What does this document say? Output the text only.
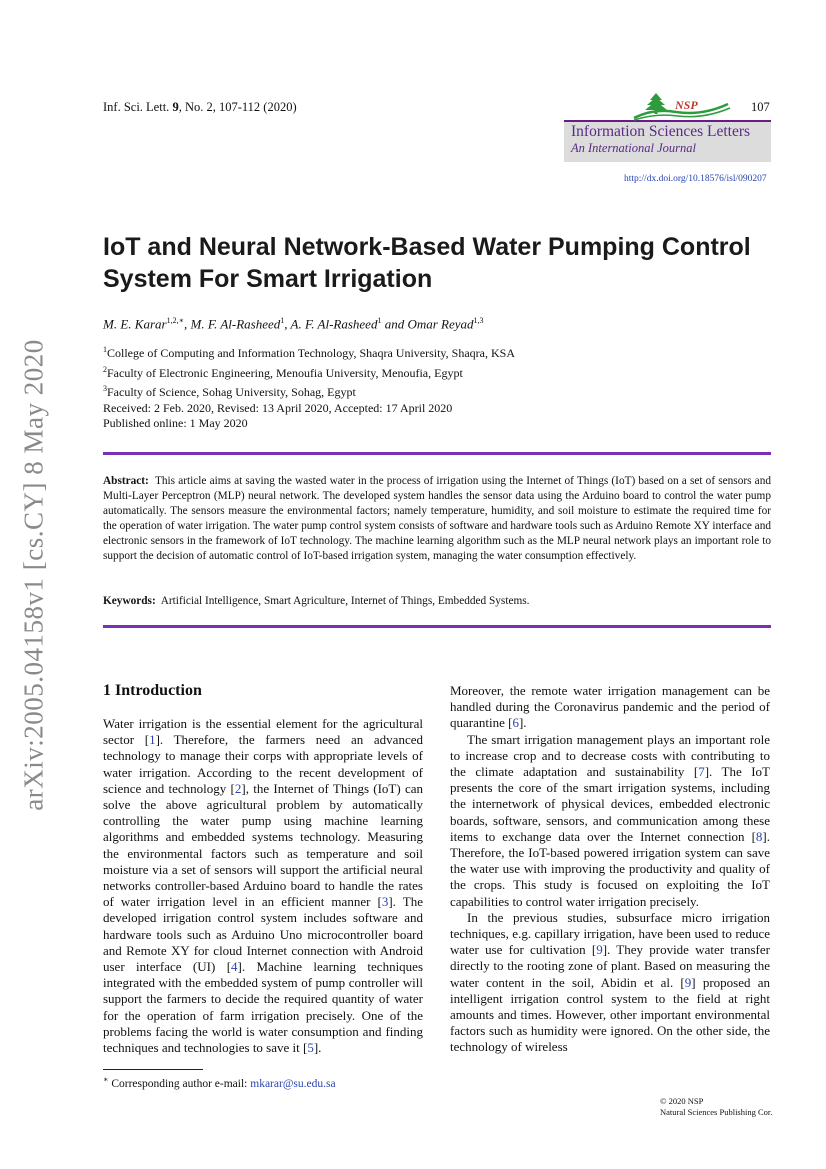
arXiv:2005.04158v1 [cs.CY] 8 May 2020
Inf. Sci. Lett. 9, No. 2, 107-112 (2020)	NSP	107
Information Sciences Letters
An International Journal
http://dx.doi.org/10.18576/isl/090207
IoT and Neural Network-Based Water Pumping Control System For Smart Irrigation
M. E. Karar$^{1,2,∗}$, M. F. Al-Rasheed$^1$, A. F. Al-Rasheed$^1$ and Omar Reyad$^{1,3}$
$^1$College of Computing and Information Technology, Shaqra University, Shaqra, KSA
$^2$Faculty of Electronic Engineering, Menoufia University, Menoufia, Egypt
$^3$Faculty of Science, Sohag University, Sohag, Egypt
Received: 2 Feb. 2020, Revised: 13 April 2020, Accepted: 17 April 2020
Published online: 1 May 2020
Abstract: This article aims at saving the wasted water in the process of irrigation using the Internet of Things (IoT) based on a set of sensors and Multi-Layer Perceptron (MLP) neural network. The developed system handles the sensor data using the Arduino board to control the water pump automatically. The sensors measure the environmental factors; namely temperature, humidity, and soil moisture to estimate the required time for the operation of water irrigation. The water pump control system consists of software and hardware tools such as Arduino Remote XY interface and electronic sensors in the framework of IoT technology. The machine learning algorithm such as the MLP neural network plays an important role to support the decision of automatic control of IoT-based irrigation system, managing the water consumption effectively.
Keywords: Artificial Intelligence, Smart Agriculture, Internet of Things, Embedded Systems.
1 Introduction

Water irrigation is the essential element for the agricultural sector [1]. Therefore, the farmers need an advanced technology to manage their corps with appropriate levels of water irrigation. According to the recent development of science and technology [2], the Internet of Things (IoT) can solve the above agricultural problem by automatically controlling the water pump using machine learning algorithms and embedded systems technology. Measuring the environmental factors such as temperature and soil moisture via a set of sensors will support the artificial neural networks controller-based Arduino board to handle the rates of water irrigation level in an efficient manner [3]. The developed irrigation control system includes software and hardware tools such as Arduino Uno microcontroller board and Remote XY for cloud Internet connection with Android user interface (UI) [4]. Machine learning techniques integrated with the embedded system of pump controller will support the farmers to decide the required quantity of water for the operation of farm irrigation precisely. One of the problems facing the world is water consumption and finding techniques and technologies to save it [5].

Moreover, the remote water irrigation management can be handled during the Coronavirus pandemic and the period of quarantine [6].

The smart irrigation management plays an important role to increase crop and to decrease costs with contributing to the climate adaptation and sustainability [7]. The IoT presents the core of the smart irrigation systems, including the internetwork of physical devices, embedded electronic boards, software, sensors, and communication among these items to exchange data over the Internet connection [8]. Therefore, the IoT-based powered irrigation system can save the water use with improving the productivity and quality of the crops. This study is focused on exploiting the IoT capabilities to control water irrigation precisely.

In the previous studies, subsurface micro irrigation techniques, e.g. capillary irrigation, have been used to reduce water use for cultivation [9]. They provide water transfer directly to the rooting zone of plant. Based on measuring the water content in the soil, Abidin et al. [9] proposed an intelligent irrigation control system to the field at right amounts and times. However, other important environmental factors such as humidity were ignored. On the other side, the technology of wireless

∗ Corresponding author e-mail: mkarar@su.edu.sa
© 2020 NSP
Natural Sciences Publishing Cor.
